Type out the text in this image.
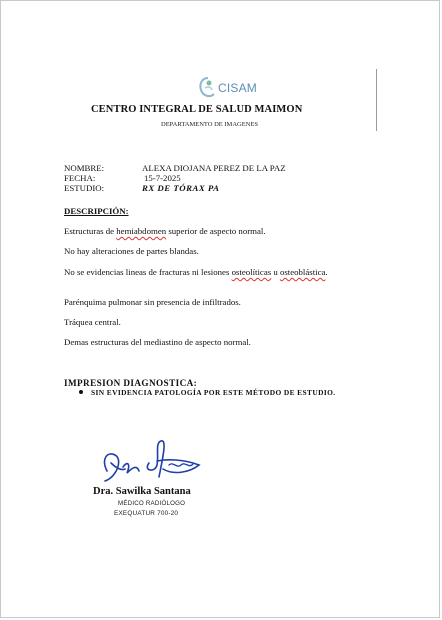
CISAM
CENTRO INTEGRAL DE SALUD MAIMON
DEPARTAMENTO DE IMAGENES
NOMBRE:	ALEXA DIOJANA PEREZ DE LA PAZ
FECHA:	15-7-2025
ESTUDIO:	RX DE TÓRAX PA
DESCRIPCIÓN:
Estructuras de hemiabdomen superior de aspecto normal.
No hay alteraciones de partes blandas.
No se evidencias lineas de fracturas ni lesiones osteolíticas u osteoblástica.
Parénquima pulmonar sin presencia de infiltrados.
Tráquea central.
Demas estructuras del mediastino de aspecto normal.
IMPRESION DIAGNOSTICA:
SIN EVIDENCIA PATOLOGÍA POR ESTE MÉTODO DE ESTUDIO.
Dra. Sawilka Santana
MÉDICO RADIÓLOGO
EXEQUATUR 700-20
